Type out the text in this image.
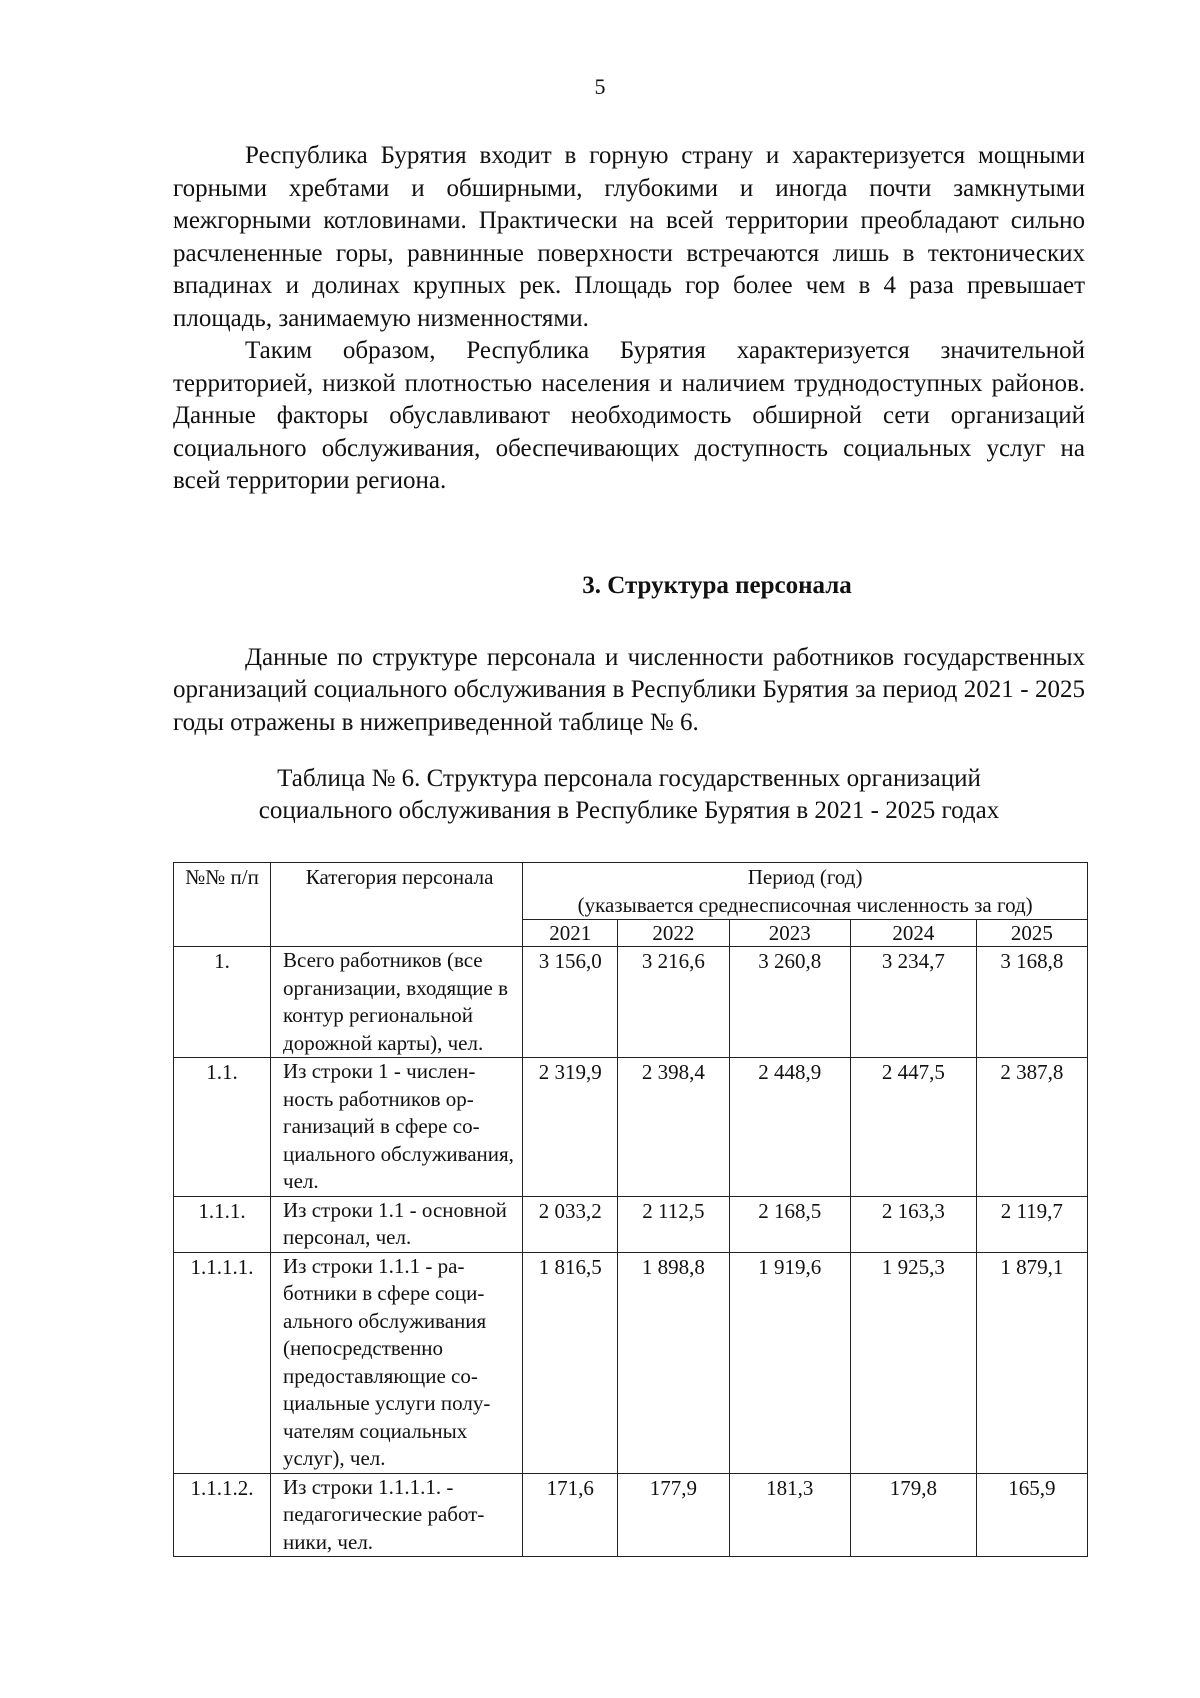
5

Республика Бурятия входит в горную страну и характеризуется мощными горными хребтами и обширными, глубокими и иногда почти замкнутыми межгорными котловинами. Практически на всей территории преобладают сильно расчлененные горы, равнинные поверхности встречаются лишь в тектонических впадинах и долинах крупных рек. Площадь гор более чем в 4 раза превышает площадь, занимаемую низменностями.

Таким образом, Республика Бурятия характеризуется значительной территорией, низкой плотностью населения и наличием труднодоступных районов. Данные факторы обуславливают необходимость обширной сети организаций социального обслуживания, обеспечивающих доступность социальных услуг на всей территории региона.

3. Структура персонала

Данные по структуре персонала и численности работников государственных организаций социального обслуживания в Республики Бурятия за период 2021 - 2025 годы отражены в нижеприведенной таблице № 6.

Таблица № 6. Структура персонала государственных организаций
социального обслуживания в Республике Бурятия в 2021 - 2025 годах
№№ п/п	Категория персонала	Период (год)				
		(указывается среднесписочная численность за год)				
		2021	2022	2023	2024	2025
1.	Всего работников (все организации, входящие в контур региональной дорожной карты), чел.	3 156,0	3 216,6	3 260,8	3 234,7	3 168,8
1.1.	Из строки 1 - численность работников организаций в сфере социального обслуживания, чел.	2 319,9	2 398,4	2 448,9	2 447,5	2 387,8
1.1.1.	Из строки 1.1 - основной персонал, чел.	2 033,2	2 112,5	2 168,5	2 163,3	2 119,7
1.1.1.1.	Из строки 1.1.1 - работники в сфере социального обслуживания (непосредственно предоставляющие социальные услуги получателям социальных услуг), чел.	1 816,5	1 898,8	1 919,6	1 925,3	1 879,1
1.1.1.2.	Из строки 1.1.1.1. - педагогические работники, чел.	171,6	177,9	181,3	179,8	165,9
